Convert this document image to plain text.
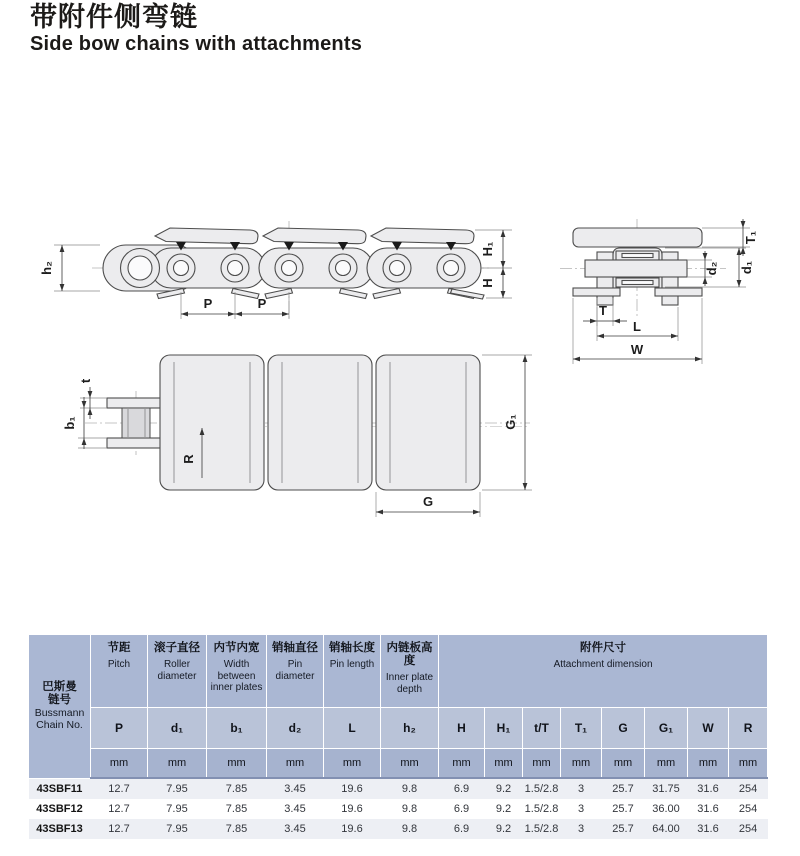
带附件侧弯链
Side bow chains with attachments
h₂
P	P
H₁
H
T₁
d₂ d₁
T
L
W
t
b₁
R
G
G₁
巴斯曼
链号
Bussmann
Chain No.	节距
Pitch	滚子直径
Roller diameter	内节内宽
Width between inner plates	销轴直径
Pin diameter	销轴长度
Pin length	内链板高度
Inner plate depth	附件尺寸
Attachment dimension							

	P	d₁	b₁	d₂	L	h₂	H	H₁	t/T	T₁	G	G₁	W	R
	mm	mm	mm	mm	mm	mm	mm	mm	mm	mm	mm	mm	mm	mm
43SBF11	12.7	7.95	7.85	3.45	19.6	9.8	6.9	9.2	1.5/2.8	3	25.7	31.75	31.6	254
43SBF12	12.7	7.95	7.85	3.45	19.6	9.8	6.9	9.2	1.5/2.8	3	25.7	36.00	31.6	254
43SBF13	12.7	7.95	7.85	3.45	19.6	9.8	6.9	9.2	1.5/2.8	3	25.7	64.00	31.6	254
